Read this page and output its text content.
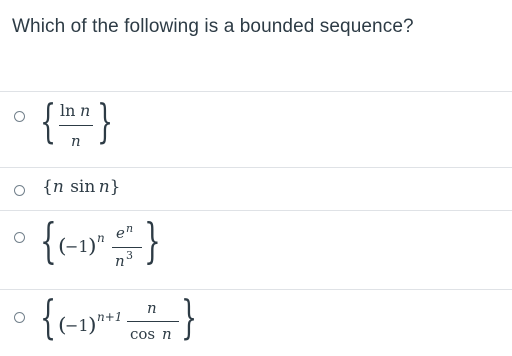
Which of the following is a bounded sequence?
{ ln n
n }
{n sin n}
{ (
−1 ) n e n
n 3 }
{ (
−1 ) n+1 n
cos n }
